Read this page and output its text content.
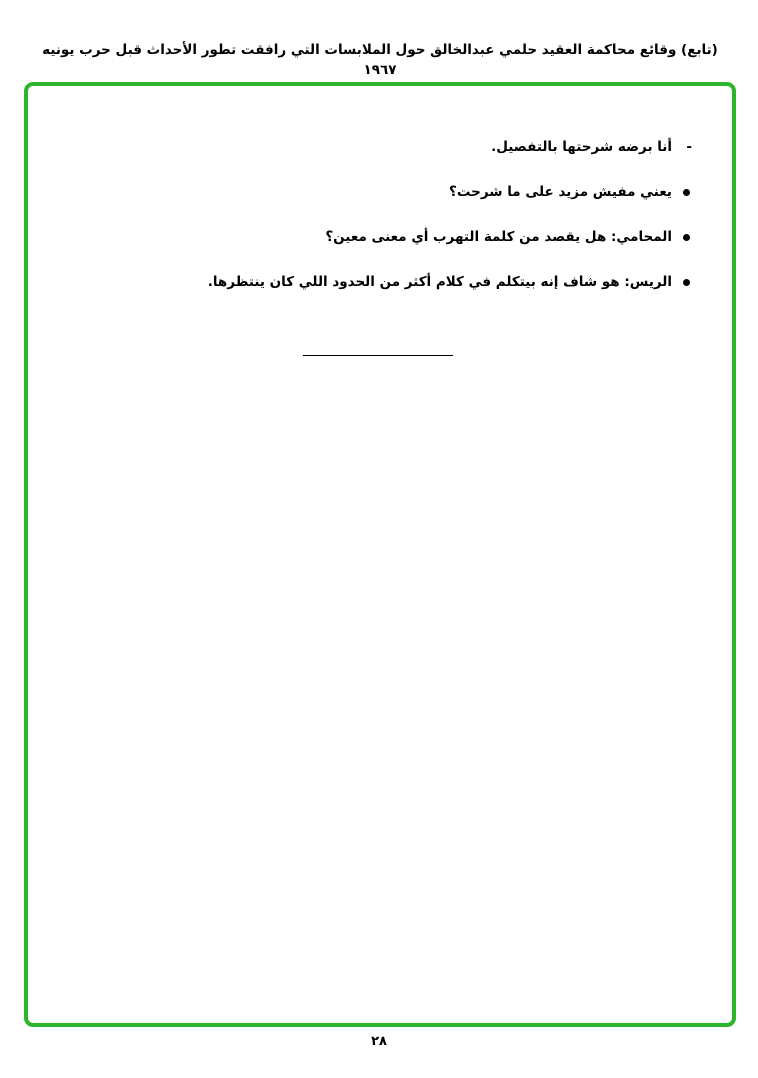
(تابع) وقائع محاكمة العقيد حلمي عبدالخالق حول الملابسات التي رافقت تطور الأحداث قبل حرب يونيه ١٩٦٧
-
أنا برضه شرحتها بالتفصيل.
يعني مفيش مزيد على ما شرحت؟
المحامي: هل يقصد من كلمة التهرب أي معنى معين؟
الريس: هو شاف إنه بيتكلم في كلام أكثر من الحدود اللي كان ينتظرها.
٢٨
